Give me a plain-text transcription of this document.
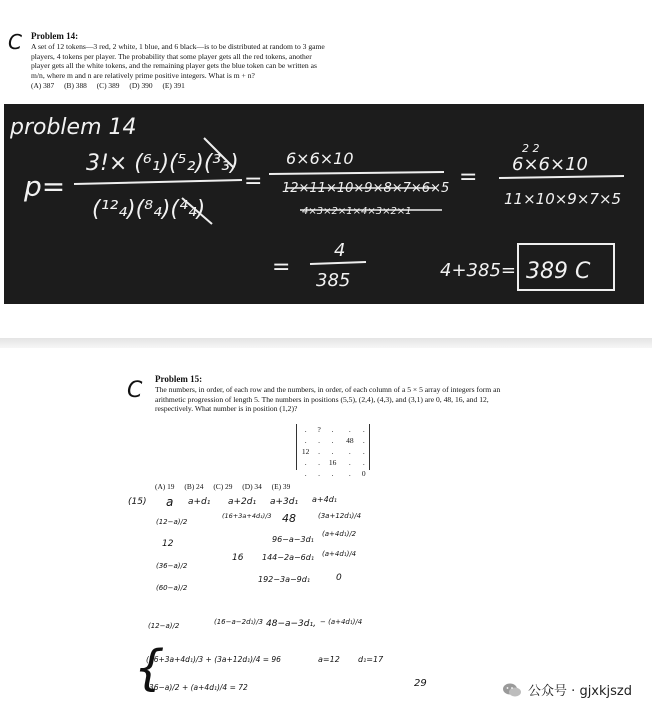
C Problem 14:
A set of 12 tokens—3 red, 2 white, 1 blue, and 6 black—is to be distributed at random to 3 game players, 4 tokens per player. The probability that some player gets all the red tokens, another player gets all the white tokens, and the remaining player gets the blue token can be written as m/n, where m and n are relatively prime positive integers. What is m + n?
(A) 387 (B) 388 (C) 389 (D) 390 (E) 391
problem 14
p=
3!× (⁶₁)(⁵₂)(³₃)
(¹²₄)(⁸₄)(⁴₄)
=
6×6×10
12×11×10×9×8×7×6×5
4×3×2×1×4×3×2×1
=
2 2
6×6×10
11×10×9×7×5
=
4
385	4+385= 389 C
C Problem 15:
The numbers, in order, of each row and the numbers, in order, of each column of a 5 × 5 array of integers form an arithmetic progression of length 5. The numbers in positions (5,5), (2,4), (4,3), and (3,1) are 0, 48, 16, and 12, respectively. What number is in position (1,2)?
.	?	.	.	.
.	.	.	48	.
12	.	.	.	.
.	.	16	.	.
.	.	.	.	0
(A) 19 (B) 24 (C) 29 (D) 34 (E) 39
(15) a a+d₁ a+2d₁ a+3d₁ a+4d₁
(12−a)/2
(16+3a+4d₁)/3 48	(3a+12d₁)/4
12	96−a−3d₁
(a+4d₁)/2
(36−a)/2
16 144−2a−6d₁ (a+4d₁)/4
(60−a)/2
192−3a−9d₁	0
(12−a)/2	(16−a−2d₁)/3 48−a−3d₁, − (a+4d₁)/4
{
(16+3a+4d₁)/3 + (3a+12d₁)/4 = 96
(36−a)/2 + (a+4d₁)/4 = 72
a=12 d₁=17
29
公众号 · gjxkjszd
